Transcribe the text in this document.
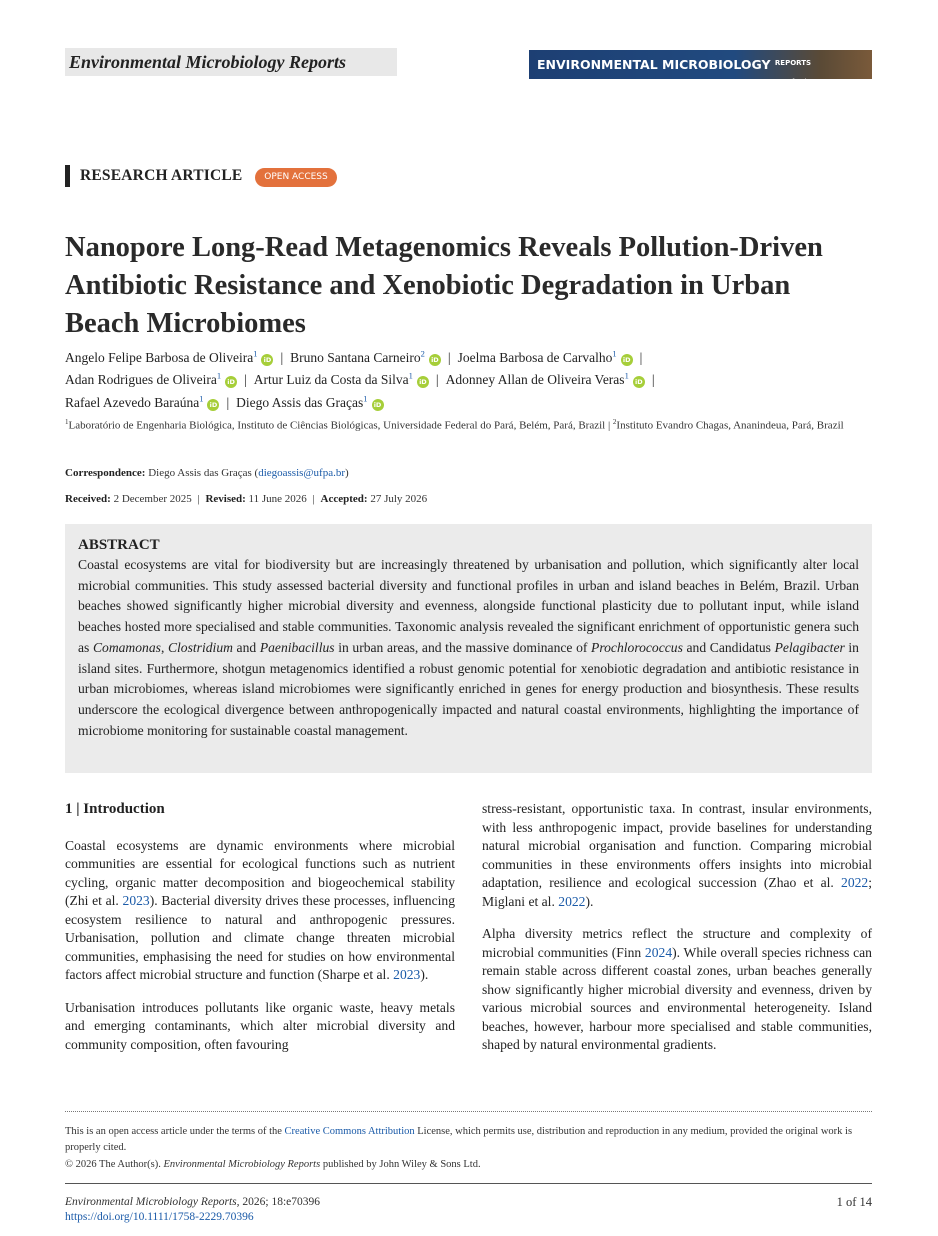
Environmental Microbiology Reports	ENVIRONMENTAL MICROBIOLOGY $^{REPORTS}$
Open Access
RESEARCH ARTICLE	OPEN ACCESS
Nanopore Long-Read Metagenomics Reveals Pollution-Driven Antibiotic Resistance and Xenobiotic Degradation in Urban Beach Microbiomes
Angelo Felipe Barbosa de Oliveira$^1$iD | Bruno Santana Carneiro$^2$iD | Joelma Barbosa de Carvalho$^1$iD |
Adan Rodrigues de Oliveira$^1$iD | Artur Luiz da Costa da Silva$^1$iD | Adonney Allan de Oliveira Veras$^1$iD |
Rafael Azevedo Baraúna$^1$iD | Diego Assis das Graças$^1$iD
$^1$Laboratório de Engenharia Biológica, Instituto de Ciências Biológicas, Universidade Federal do Pará, Belém, Pará, Brazil | $^2$Instituto Evandro Chagas, Ananindeua, Pará, Brazil
Correspondence: Diego Assis das Graças (diegoassis@ufpa.br)
Received: 2 December 2025 | Revised: 11 June 2026 | Accepted: 27 July 2026
ABSTRACT

Coastal ecosystems are vital for biodiversity but are increasingly threatened by urbanisation and pollution, which significantly alter local microbial communities. This study assessed bacterial diversity and functional profiles in urban and island beaches in Belém, Brazil. Urban beaches showed significantly higher microbial diversity and evenness, alongside functional plasticity due to pollutant input, while island beaches hosted more specialised and stable communities. Taxonomic analysis revealed the significant enrichment of opportunistic genera such as Comamonas, Clostridium and Paenibacillus in urban areas, and the massive dominance of Prochlorococcus and Candidatus Pelagibacter in island sites. Furthermore, shotgun metagenomics identified a robust genomic potential for xenobiotic degradation and antibiotic resistance in urban microbiomes, whereas island microbiomes were significantly enriched in genes for energy production and biosynthesis. These results underscore the ecological divergence between anthropogenically impacted and natural coastal environments, highlighting the importance of microbiome monitoring for sustainable coastal management.

1 | Introduction

Coastal ecosystems are dynamic environments where microbial communities are essential for ecological functions such as nutrient cycling, organic matter decomposition and biogeochemical stability (Zhi et al. 2023). Bacterial diversity drives these processes, influencing ecosystem resilience to natural and anthropogenic pressures. Urbanisation, pollution and climate change threaten microbial communities, emphasising the need for studies on how environmental factors affect microbial structure and function (Sharpe et al. 2023).

Urbanisation introduces pollutants like organic waste, heavy metals and emerging contaminants, which alter microbial diversity and community composition, often favouring

stress-resistant, opportunistic taxa. In contrast, insular environments, with less anthropogenic impact, provide baselines for understanding natural microbial organisation and function. Comparing microbial communities in these environments offers insights into microbial adaptation, resilience and ecological succession (Zhao et al. 2022; Miglani et al. 2022).

Alpha diversity metrics reflect the structure and complexity of microbial communities (Finn 2024). While overall species richness can remain stable across different coastal zones, urban beaches generally show significantly higher microbial diversity and evenness, driven by various microbial sources and environmental heterogeneity. Island beaches, however, harbour more specialised and stable communities, shaped by natural environmental gradients.

This is an open access article under the terms of the Creative Commons Attribution License, which permits use, distribution and reproduction in any medium, provided the original work is properly cited.
© 2026 The Author(s). Environmental Microbiology Reports published by John Wiley & Sons Ltd.
Environmental Microbiology Reports, 2026; 18:e70396
https://doi.org/10.1111/1758-2229.70396
1 of 14
